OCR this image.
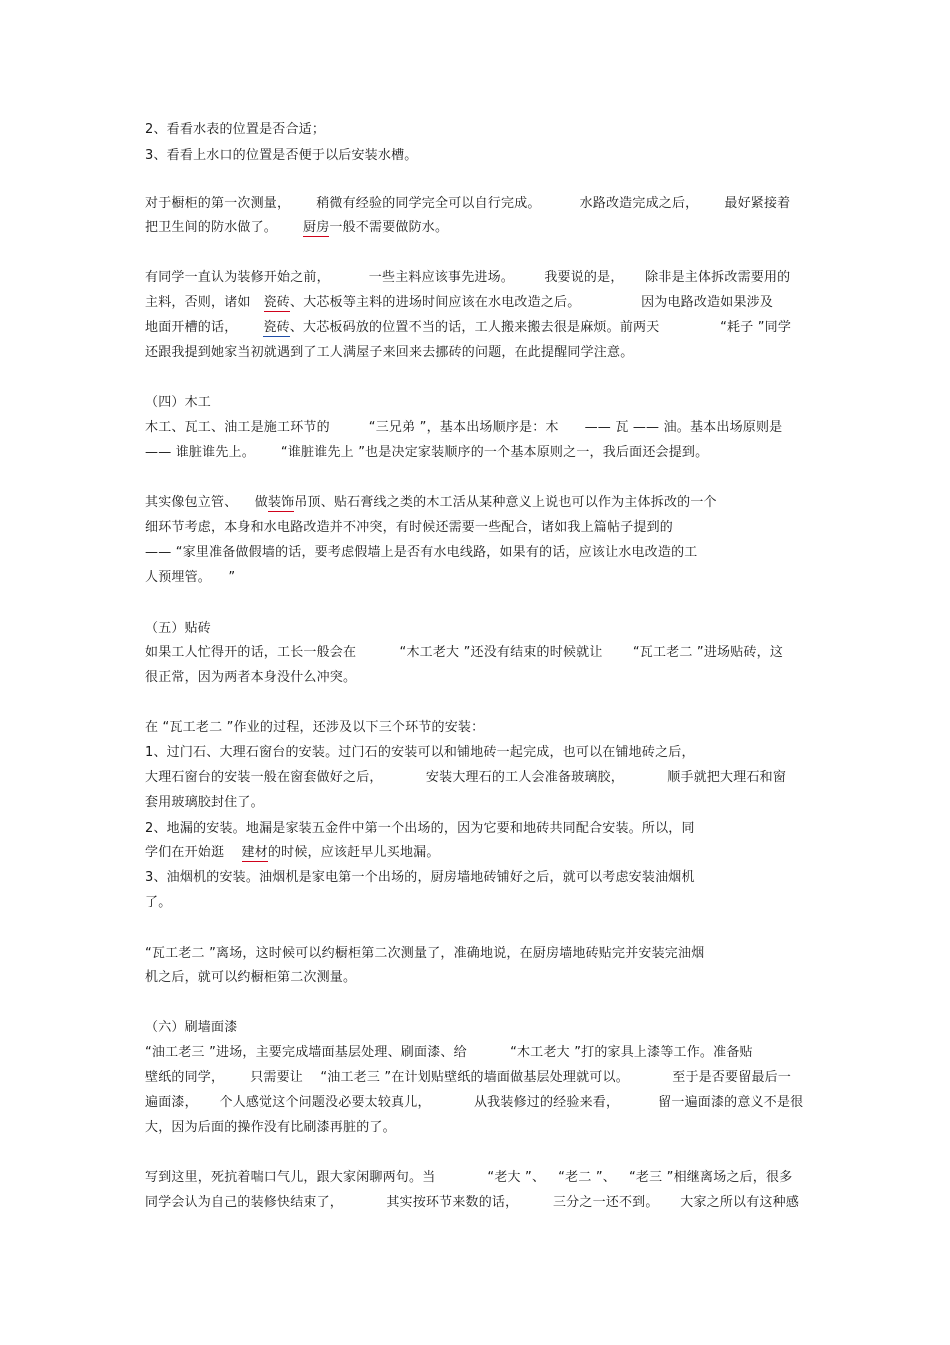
2、看看水表的位置是否合适；
3、看看上水口的位置是否便于以后安装水槽。
对于橱柜的第一次测量，      稍微有经验的同学完全可以自行完成。         水路改造完成之后，      最好紧接着
把卫生间的防水做了。      厨房一般不需要做防水。
有同学一直认为装修开始之前，         一些主料应该事先进场。       我要说的是，     除非是主体拆改需要用的
主料，否则，诸如   瓷砖、大芯板等主料的进场时间应该在水电改造之后。              因为电路改造如果涉及
地面开槽的话，      瓷砖、大芯板码放的位置不当的话，工人搬来搬去很是麻烦。前两天              “耗子 ”同学
还跟我提到她家当初就遇到了工人满屋子来回来去挪砖的问题，在此提醒同学注意。
（四）木工
木工、瓦工、油工是施工环节的         “三兄弟 ”，基本出场顺序是：木      —— 瓦 —— 油。基本出场原则是
—— 谁脏谁先上。      “谁脏谁先上 ”也是决定家装顺序的一个基本原则之一，我后面还会提到。
其实像包立管、    做装饰吊顶、贴石膏线之类的木工活从某种意义上说也可以作为主体拆改的一个
细环节考虑，本身和水电路改造并不冲突，有时候还需要一些配合，诸如我上篇帖子提到的
—— “家里准备做假墙的话，要考虑假墙上是否有水电线路，如果有的话，应该让水电改造的工
人预埋管。    ”
（五）贴砖
如果工人忙得开的话，工长一般会在          “木工老大 ”还没有结束的时候就让       “瓦工老二 ”进场贴砖，这
很正常，因为两者本身没什么冲突。
在 “瓦工老二 ”作业的过程，还涉及以下三个环节的安装：
1、过门石、大理石窗台的安装。过门石的安装可以和铺地砖一起完成，也可以在铺地砖之后，
大理石窗台的安装一般在窗套做好之后，          安装大理石的工人会准备玻璃胶，          顺手就把大理石和窗
套用玻璃胶封住了。
2、地漏的安装。地漏是家装五金件中第一个出场的，因为它要和地砖共同配合安装。所以，同
学们在开始逛    建材的时候，应该赶早儿买地漏。
3、油烟机的安装。油烟机是家电第一个出场的，厨房墙地砖铺好之后，就可以考虑安装油烟机
了。
“瓦工老二 ”离场，这时候可以约橱柜第二次测量了，准确地说，在厨房墙地砖贴完并安装完油烟
机之后，就可以约橱柜第二次测量。
（六）刷墙面漆
“油工老三 ”进场，主要完成墙面基层处理、刷面漆、给          “木工老大 ”打的家具上漆等工作。准备贴
壁纸的同学，      只需要让    “油工老三 ”在计划贴壁纸的墙面做基层处理就可以。          至于是否要留最后一
遍面漆，     个人感觉这个问题没必要太较真儿，          从我装修过的经验来看，         留一遍面漆的意义不是很
大，因为后面的操作没有比刷漆再脏的了。
写到这里，死抗着喘口气儿，跟大家闲聊两句。当            “老大 ”、   “老二 ”、   “老三 ”相继离场之后，很多
同学会认为自己的装修快结束了，          其实按环节来数的话，        三分之一还不到。     大家之所以有这种感
